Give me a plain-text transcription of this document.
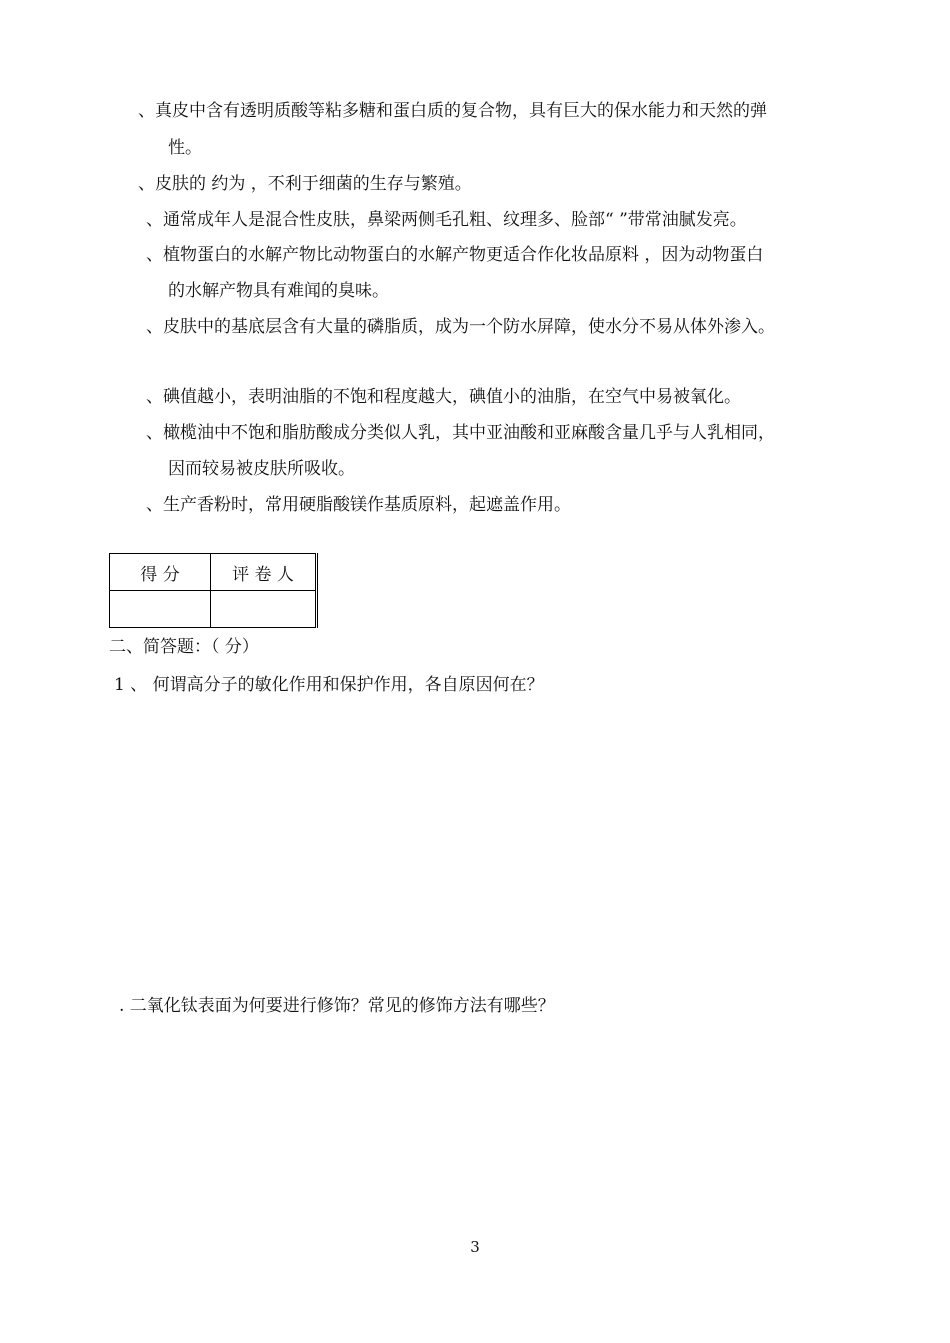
、真皮中含有透明质酸等粘多糖和蛋白质的复合物，具有巨大的保水能力和天然的弹
性。
、皮肤的 约为 ，不利于细菌的生存与繁殖。
、通常成年人是混合性皮肤，鼻梁两侧毛孔粗、纹理多、脸部“ ”带常油腻发亮。
、植物蛋白的水解产物比动物蛋白的水解产物更适合作化妆品原料 ，因为动物蛋白
的水解产物具有难闻的臭味。
、皮肤中的基底层含有大量的磷脂质，成为一个防水屏障，使水分不易从体外渗入。
、碘值越小，表明油脂的不饱和程度越大，碘值小的油脂，在空气中易被氧化。
、橄榄油中不饱和脂肪酸成分类似人乳，其中亚油酸和亚麻酸含量几乎与人乳相同，
因而较易被皮肤所吸收。
、生产香粉时，常用硬脂酸镁作基质原料，起遮盖作用。
得 分	评 卷 人

二、简答题：（ 分）
1 、 何谓高分子的敏化作用和保护作用，各自原因何在？
. 二氧化钛表面为何要进行修饰？常见的修饰方法有哪些？
3
